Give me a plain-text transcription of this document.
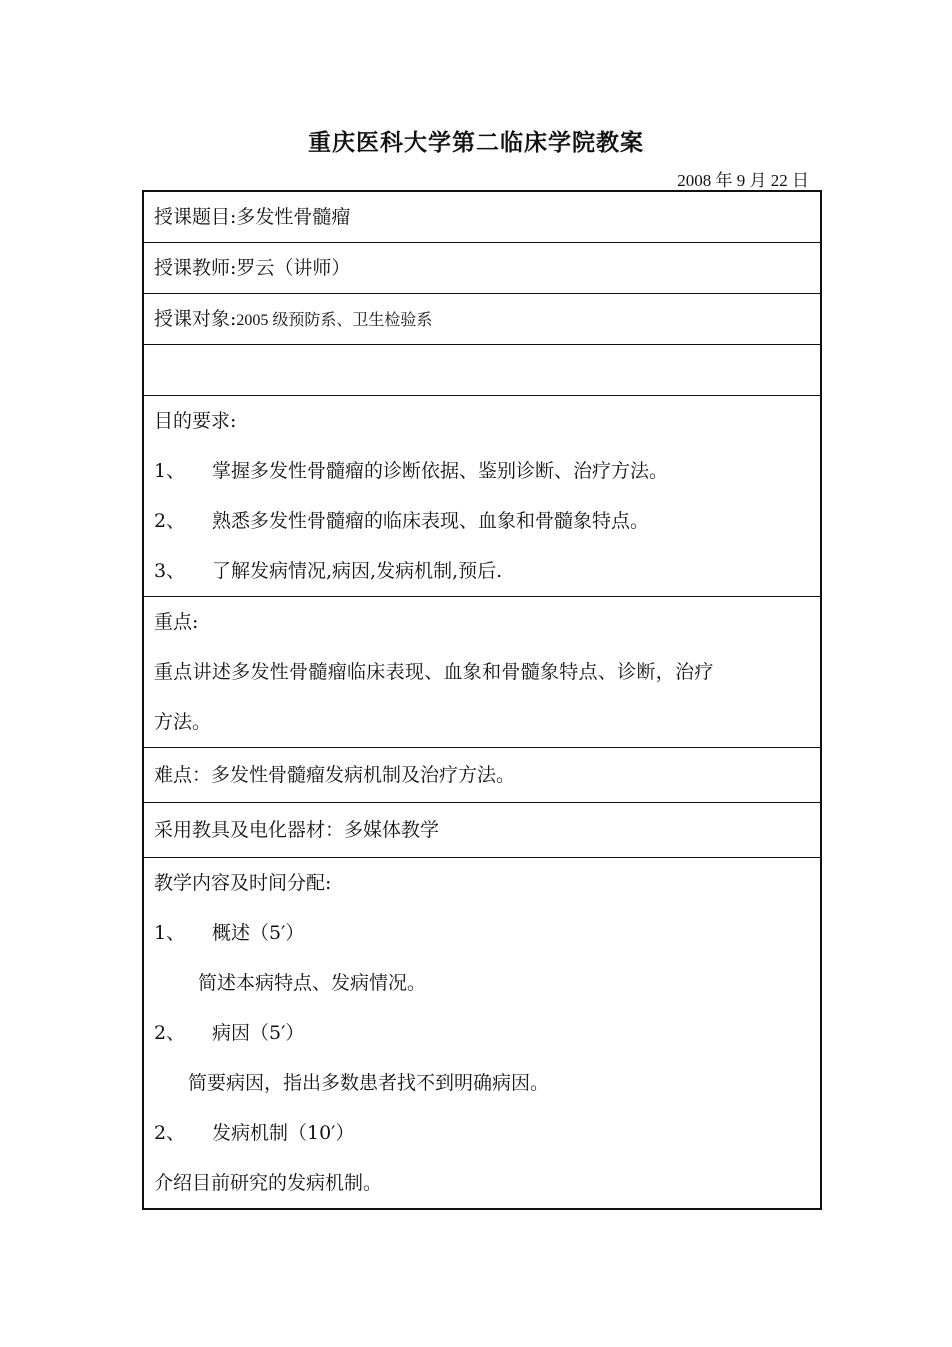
重庆医科大学第二临床学院教案
2008 年 9 月 22 日
授课题目:多发性骨髓瘤
授课教师:罗云（讲师）
授课对象:2005 级预防系、卫生检验系

目的要求:
1、 掌握多发性骨髓瘤的诊断依据、鉴别诊断、治疗方法。
2、 熟悉多发性骨髓瘤的临床表现、血象和骨髓象特点。
3、 了解发病情况,病因,发病机制,预后.
重点:
重点讲述多发性骨髓瘤临床表现、血象和骨髓象特点、诊断，治疗
方法。
难点：多发性骨髓瘤发病机制及治疗方法。
采用教具及电化器材：多媒体教学
教学内容及时间分配:
1、 概述（5′）
简述本病特点、发病情况。
2、 病因（5′）
简要病因，指出多数患者找不到明确病因。
2、 发病机制（10′）
介绍目前研究的发病机制。
